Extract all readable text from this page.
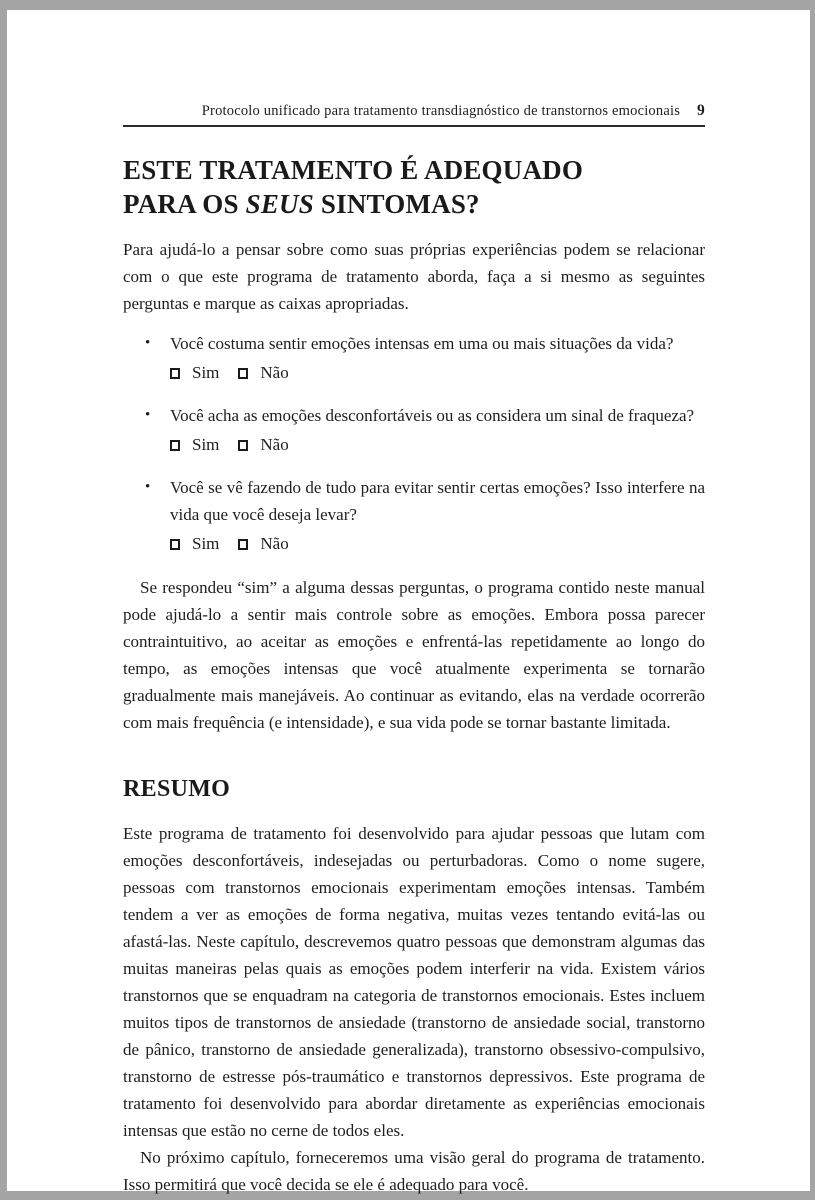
Protocolo unificado para tratamento transdiagnóstico de transtornos emocionais 9
ESTE TRATAMENTO É ADEQUADO
PARA OS SEUS SINTOMAS?

Para ajudá-lo a pensar sobre como suas próprias experiências podem se relacionar com o que este programa de tratamento aborda, faça a si mesmo as seguintes perguntas e marque as caixas apropriadas.

• Você costuma sentir emoções intensas em uma ou mais situações da vida?
Sim Não
• Você acha as emoções desconfortáveis ou as considera um sinal de fraqueza?
Sim Não
• Você se vê fazendo de tudo para evitar sentir certas emoções? Isso interfere na vida que você deseja levar?
Sim Não

Se respondeu “sim” a alguma dessas perguntas, o programa contido neste manual pode ajudá-lo a sentir mais controle sobre as emoções. Embora possa parecer contraintuitivo, ao aceitar as emoções e enfrentá-las repetidamente ao longo do tempo, as emoções intensas que você atualmente experimenta se tornarão gradualmente mais manejáveis. Ao continuar as evitando, elas na verdade ocorrerão com mais frequência (e intensidade), e sua vida pode se tornar bastante limitada.

RESUMO

Este programa de tratamento foi desenvolvido para ajudar pessoas que lutam com emoções desconfortáveis, indesejadas ou perturbadoras. Como o nome sugere, pessoas com transtornos emocionais experimentam emoções intensas. Também tendem a ver as emoções de forma negativa, muitas vezes tentando evitá-las ou afastá-las. Neste capítulo, descrevemos quatro pessoas que demonstram algumas das muitas maneiras pelas quais as emoções podem interferir na vida. Existem vários transtornos que se enquadram na categoria de transtornos emocionais. Estes incluem muitos tipos de transtornos de ansiedade (transtorno de ansiedade social, transtorno de pânico, transtorno de ansiedade generalizada), transtorno obsessivo-compulsivo, transtorno de estresse pós-traumático e transtornos depressivos. Este programa de tratamento foi desenvolvido para abordar diretamente as experiências emocionais intensas que estão no cerne de todos eles.

No próximo capítulo, forneceremos uma visão geral do programa de tratamento. Isso permitirá que você decida se ele é adequado para você.
